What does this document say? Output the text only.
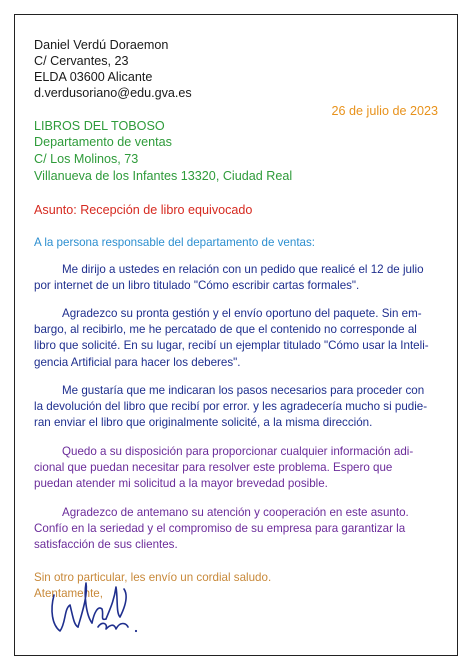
Daniel Verdú Doraemon
C/ Cervantes, 23
ELDA 03600 Alicante
d.verdusoriano@edu.gva.es
26 de julio de 2023
LIBROS DEL TOBOSO
Departamento de ventas
C/ Los Molinos, 73
Villanueva de los Infantes 13320, Ciudad Real
Asunto: Recepción de libro equivocado
A la persona responsable del departamento de ventas:
Me dirijo a ustedes en relación con un pedido que realicé el 12 de julio
por internet de un libro titulado "Cómo escribir cartas formales".
Agradezco su pronta gestión y el envío oportuno del paquete. Sin em-
bargo, al recibirlo, me he percatado de que el contenido no corresponde al
libro que solicité. En su lugar, recibí un ejemplar titulado "Cómo usar la Inteli-
gencia Artificial para hacer los deberes".
Me gustaría que me indicaran los pasos necesarios para proceder con
la devolución del libro que recibí por error. y les agradecería mucho si pudie-
ran enviar el libro que originalmente solicité, a la misma dirección.
Quedo a su disposición para proporcionar cualquier información adi-
cional que puedan necesitar para resolver este problema. Espero que
puedan atender mi solicitud a la mayor brevedad posible.
Agradezco de antemano su atención y cooperación en este asunto.
Confío en la seriedad y el compromiso de su empresa para garantizar la
satisfacción de sus clientes.
Sin otro particular, les envío un cordial saludo.
Atentamente,
